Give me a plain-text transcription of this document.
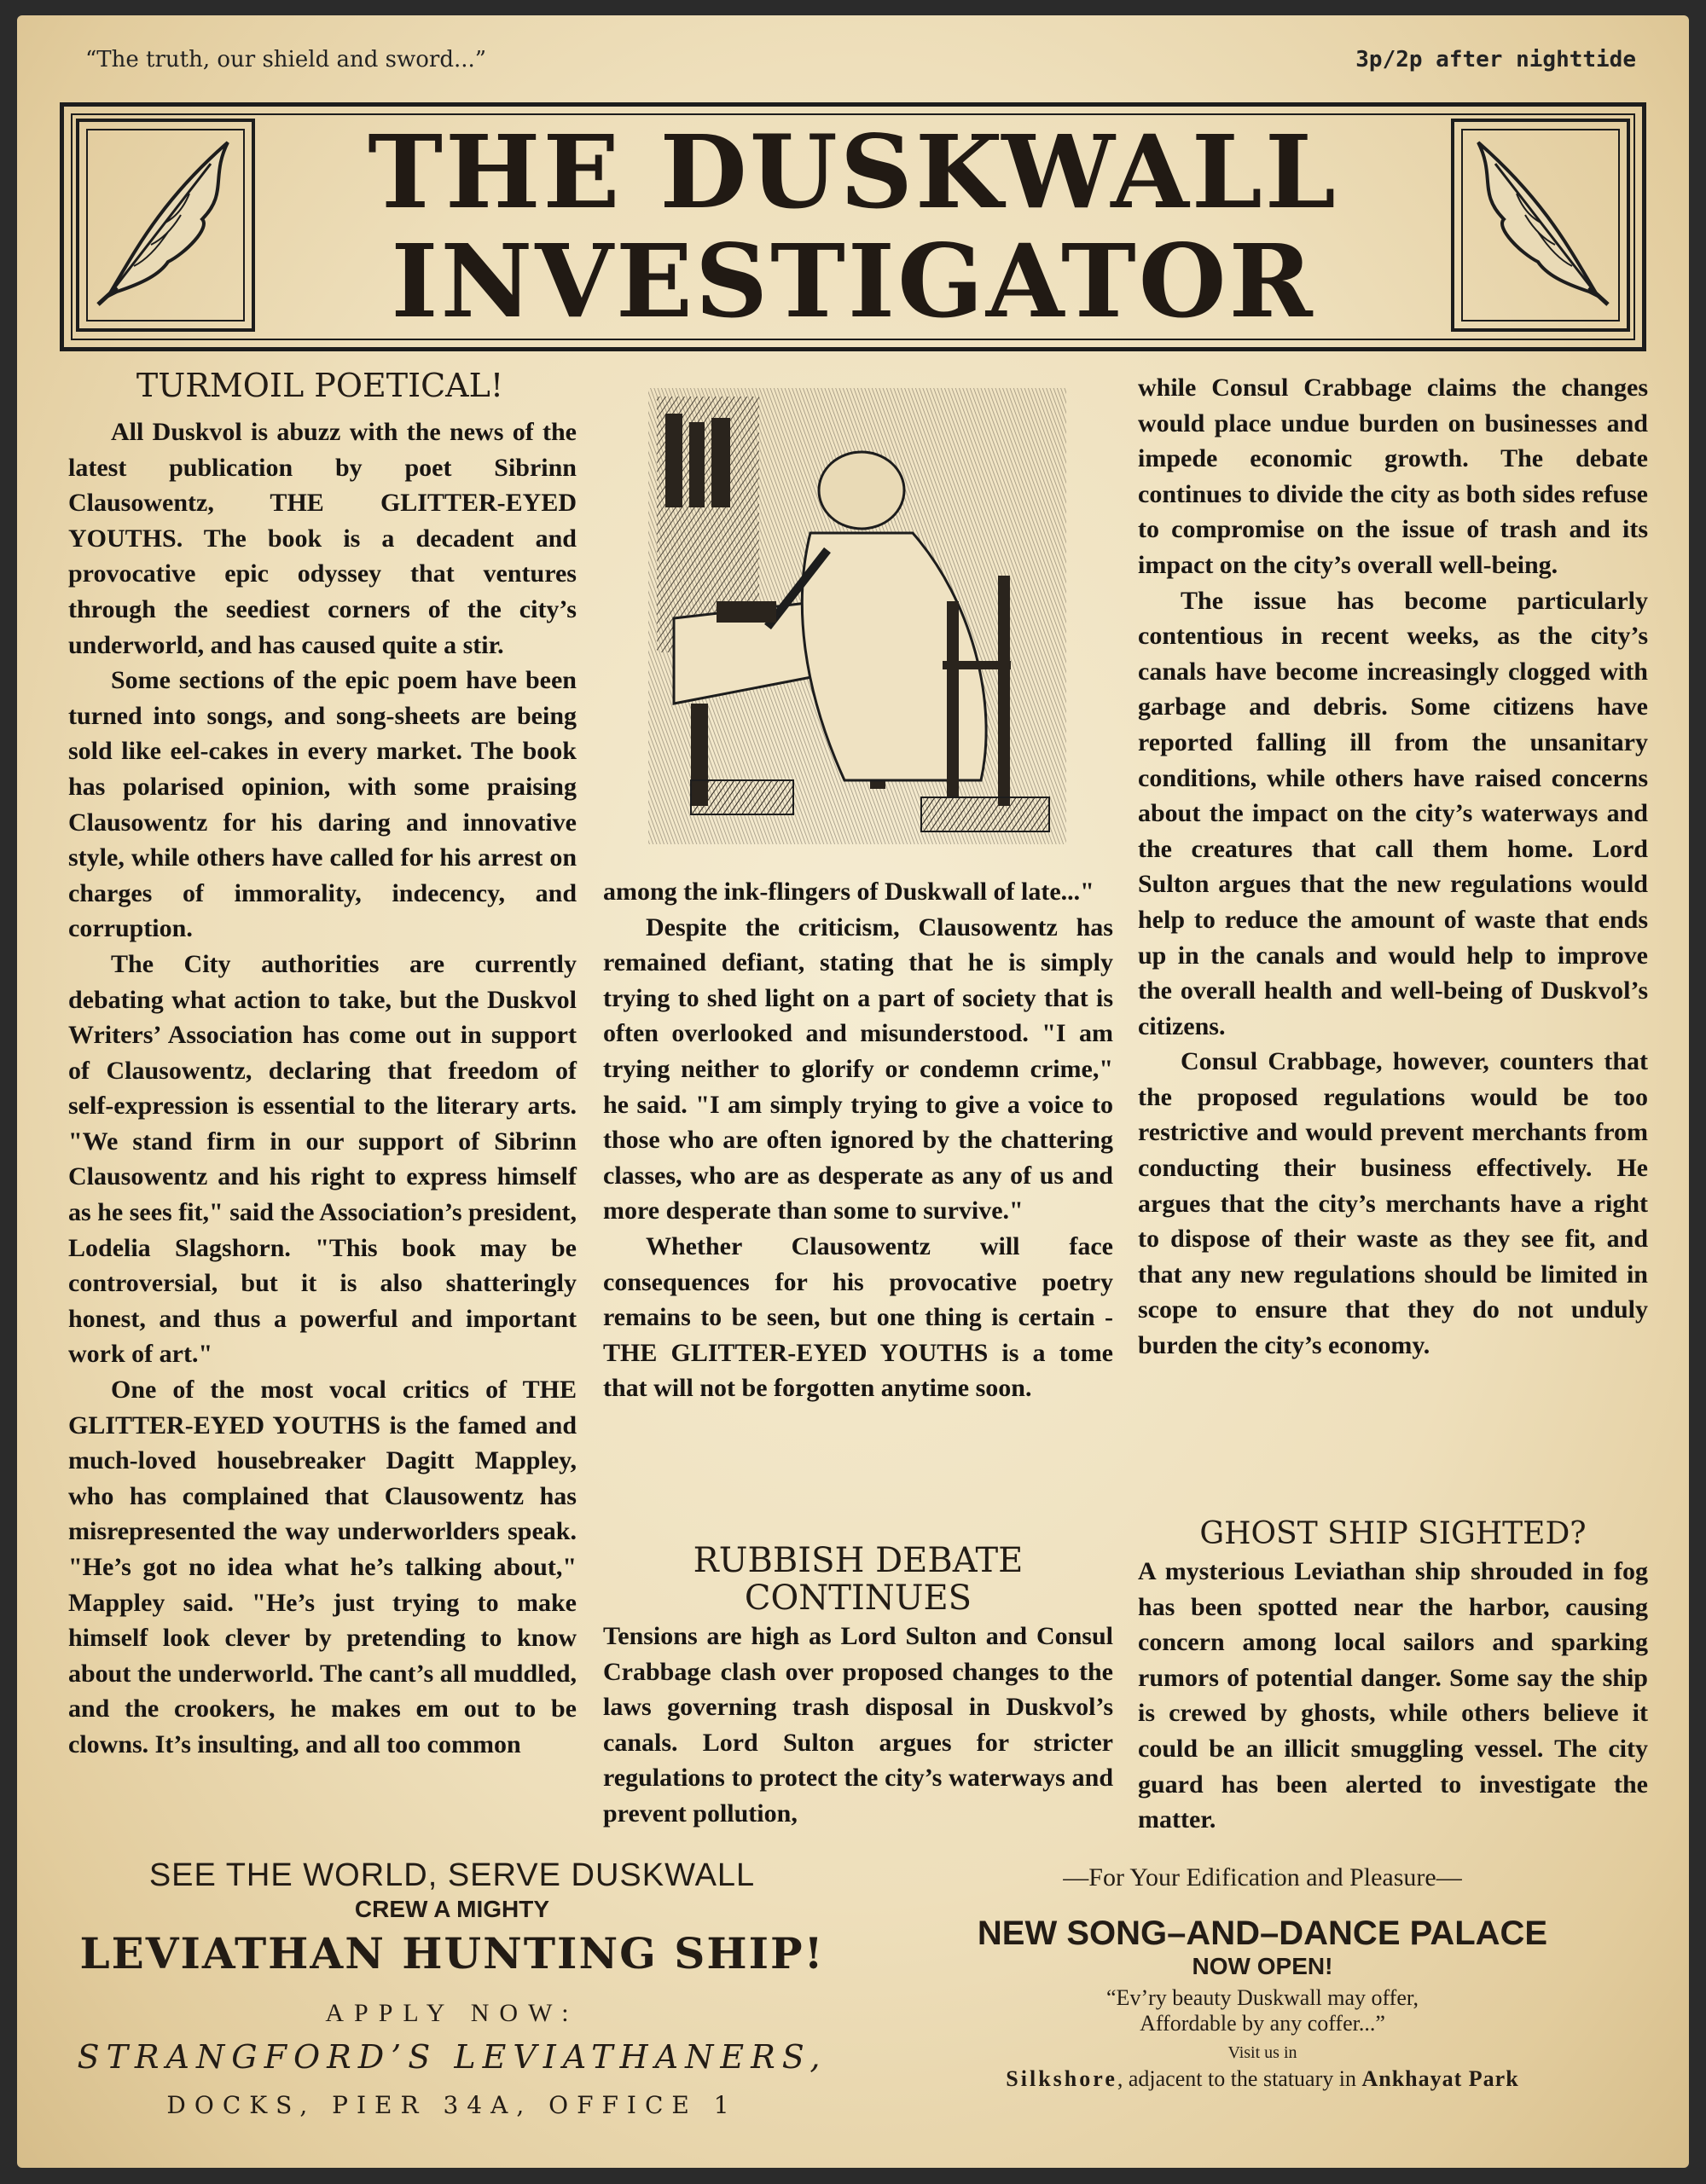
“The truth, our shield and sword...”	3p/2p after nighttide
THE DUSKWALL
INVESTIGATOR
TURMOIL POETICAL!

All Duskvol is abuzz with the news of the latest publication by poet Sibrinn Clausowentz, THE GLITTER-EYED YOUTHS. The book is a decadent and provocative epic odyssey that ventures through the seediest corners of the city’s underworld, and has caused quite a stir.

Some sections of the epic poem have been turned into songs, and song-sheets are being sold like eel-cakes in every market. The book has polarised opinion, with some praising Clausowentz for his daring and innovative style, while others have called for his arrest on charges of immorality, indecency, and corruption.

The City authorities are currently debating what action to take, but the Duskvol Writers’ Association has come out in support of Clausowentz, declaring that freedom of self-expression is essential to the literary arts. "We stand firm in our support of Sibrinn Clausowentz and his right to express himself as he sees fit," said the Association’s president, Lodelia Slagshorn. "This book may be controversial, but it is also shatteringly honest, and thus a powerful and important work of art."

One of the most vocal critics of THE GLITTER-EYED YOUTHS is the famed and much-loved housebreaker Dagitt Mappley, who has complained that Clausowentz has misrepresented the way underworlders speak. "He’s got no idea what he’s talking about," Mappley said. "He’s just trying to make himself look clever by pretending to know about the underworld. The cant’s all muddled, and the crookers, he makes em out to be clowns. It’s insulting, and all too common

among the ink-flingers of Duskwall of late..."

Despite the criticism, Clausowentz has remained defiant, stating that he is simply trying to shed light on a part of society that is often overlooked and misunderstood. "I am trying neither to glorify or condemn crime," he said. "I am simply trying to give a voice to those who are often ignored by the chattering classes, who are as desperate as any of us and more desperate than some to survive."

Whether Clausowentz will face consequences for his provocative poetry remains to be seen, but one thing is certain - THE GLITTER-EYED YOUTHS is a tome that will not be forgotten anytime soon.

RUBBISH DEBATE
CONTINUES

Tensions are high as Lord Sulton and Consul Crabbage clash over proposed changes to the laws governing trash disposal in Duskvol’s canals. Lord Sulton argues for stricter regulations to protect the city’s waterways and prevent pollution,

while Consul Crabbage claims the changes would place undue burden on businesses and impede economic growth. The debate continues to divide the city as both sides refuse to compromise on the issue of trash and its impact on the city’s overall well-being.

The issue has become particularly contentious in recent weeks, as the city’s canals have become increasingly clogged with garbage and debris. Some citizens have reported falling ill from the unsanitary conditions, while others have raised concerns about the impact on the city’s waterways and the creatures that call them home. Lord Sulton argues that the new regulations would help to reduce the amount of waste that ends up in the canals and would help to improve the overall health and well-being of Duskvol’s citizens.

Consul Crabbage, however, counters that the proposed regulations would be too restrictive and would prevent merchants from conducting their business effectively. He argues that the city’s merchants have a right to dispose of their waste as they see fit, and that any new regulations should be limited in scope to ensure that they do not unduly burden the city’s economy.

GHOST SHIP SIGHTED?

A mysterious Leviathan ship shrouded in fog has been spotted near the harbor, causing concern among local sailors and sparking rumors of potential danger. Some say the ship is crewed by ghosts, while others believe it could be an illicit smuggling vessel. The city guard has been alerted to investigate the matter.

SEE THE WORLD, SERVE DUSKWALL
CREW A MIGHTY
LEVIATHAN HUNTING SHIP!
APPLY NOW:
STRANGFORD’S LEVIATHANERS,
DOCKS, PIER 34A, OFFICE 1
—For Your Edification and Pleasure—
NEW SONG–AND–DANCE PALACE
NOW OPEN!
“Ev’ry beauty Duskwall may offer,
Affordable by any coffer...”
Visit us in
Silkshore, adjacent to the statuary in Ankhayat Park
